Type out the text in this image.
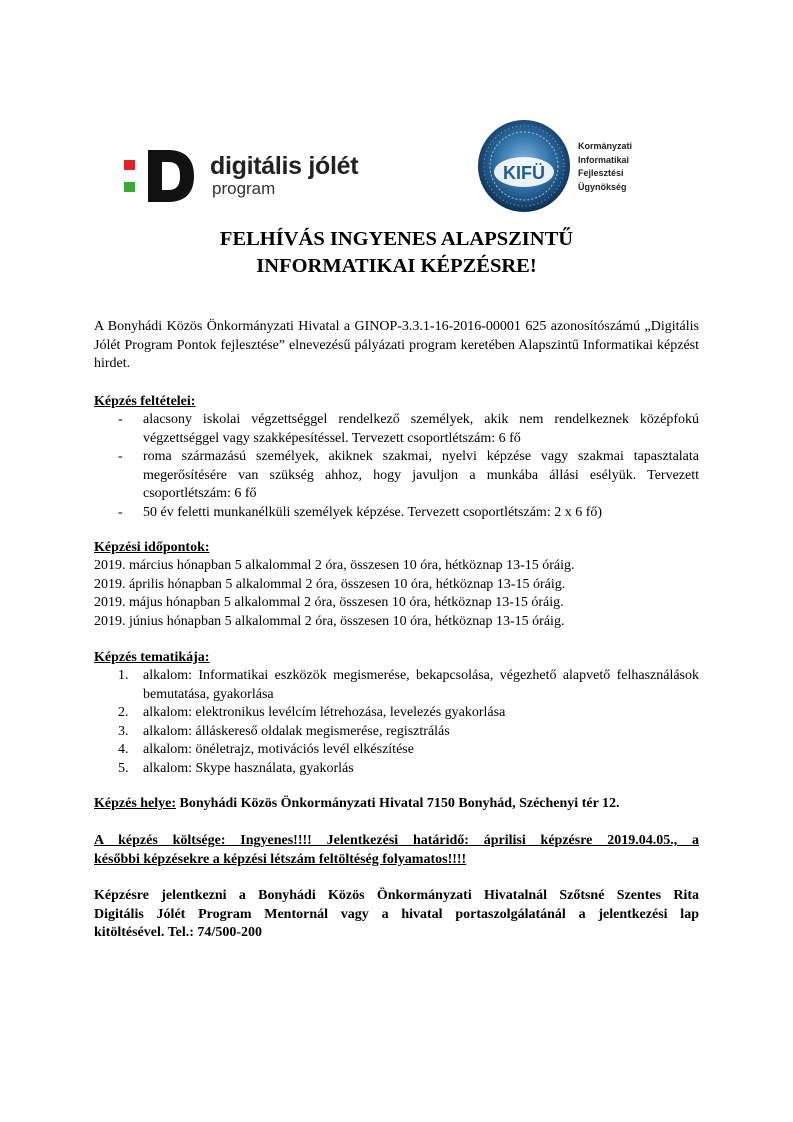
digitális jólét
program
KIFÜ
Kormányzati
Informatikai
Fejlesztési
Ügynökség
FELHÍVÁS INGYENES ALAPSZINTŰ
INFORMATIKAI KÉPZÉSRE!
A Bonyhádi Közös Önkormányzati Hivatal a GINOP-3.3.1-16-2016-00001 625 azonosítószámú „Digitális Jólét Program Pontok fejlesztése” elnevezésű pályázati program keretében Alapszintű Informatikai képzést hirdet.
Képzés feltételei:
- alacsony iskolai végzettséggel rendelkező személyek, akik nem rendelkeznek középfokú végzettséggel vagy szakképesítéssel. Tervezett csoportlétszám: 6 fő
- roma származású személyek, akiknek szakmai, nyelvi képzése vagy szakmai tapasztalata megerősítésére van szükség ahhoz, hogy javuljon a munkába állási esélyük. Tervezett csoportlétszám: 6 fő
- 50 év feletti munkanélküli személyek képzése. Tervezett csoportlétszám: 2 x 6 fő)
Képzési időpontok:
2019. március hónapban 5 alkalommal 2 óra, összesen 10 óra, hétköznap 13-15 óráig.
2019. április hónapban 5 alkalommal 2 óra, összesen 10 óra, hétköznap 13-15 óráig.
2019. május hónapban 5 alkalommal 2 óra, összesen 10 óra, hétköznap 13-15 óráig.
2019. június hónapban 5 alkalommal 2 óra, összesen 10 óra, hétköznap 13-15 óráig.
Képzés tematikája:
1. alkalom: Informatikai eszközök megismerése, bekapcsolása, végezhető alapvető felhasználások bemutatása, gyakorlása
2. alkalom: elektronikus levélcím létrehozása, levelezés gyakorlása
3. alkalom: álláskereső oldalak megismerése, regisztrálás
4. alkalom: önéletrajz, motivációs levél elkészítése
5. alkalom: Skype használata, gyakorlás
Képzés helye: Bonyhádi Közös Önkormányzati Hivatal 7150 Bonyhád, Széchenyi tér 12.
A képzés költsége: Ingyenes!!!! Jelentkezési határidő: áprilisi képzésre 2019.04.05., a
későbbi képzésekre a képzési létszám feltöltéség folyamatos!!!!
Képzésre jelentkezni a Bonyhádi Közös Önkormányzati Hivatalnál Szőtsné Szentes Rita
Digitális Jólét Program Mentornál vagy a hivatal portaszolgálatánál a jelentkezési lap
kitöltésével. Tel.: 74/500-200
